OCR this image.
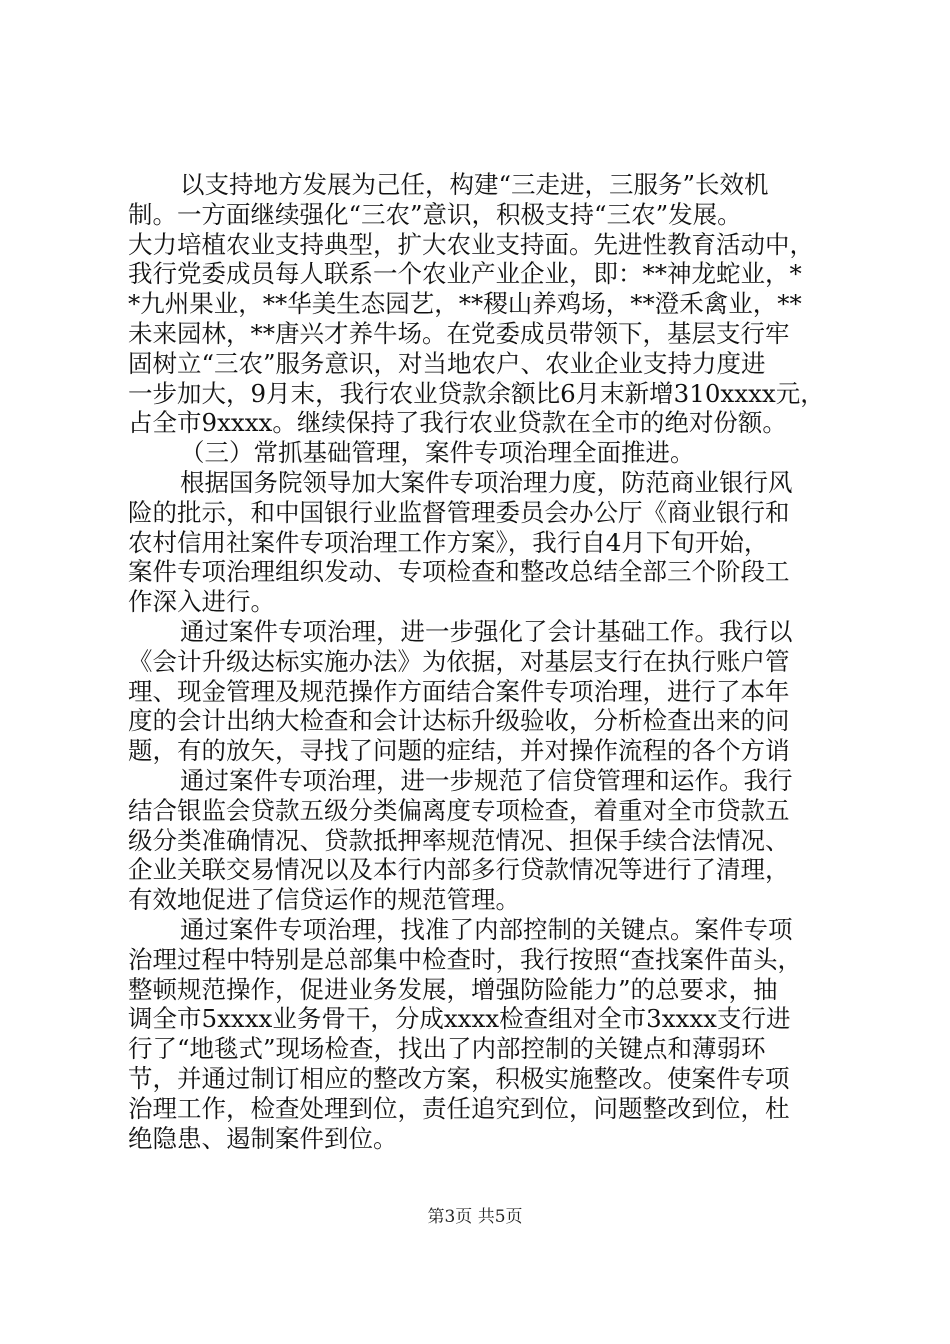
以支持地方发展为己任，构建“三走进，三服务”长效机
制。一方面继续强化“三农”意识，积极支持“三农”发展。
大力培植农业支持典型，扩大农业支持面。先进性教育活动中，
我行党委成员每人联系一个农业产业企业，即：**神龙蛇业，*
*九州果业，**华美生态园艺，**稷山养鸡场，**澄禾禽业，**
未来园林，**唐兴才养牛场。在党委成员带领下，基层支行牢
固树立“三农”服务意识，对当地农户、农业企业支持力度进
一步加大，9月末，我行农业贷款余额比6月末新增310xxxx元，
占全市9xxxx。继续保持了我行农业贷款在全市的绝对份额。
（三）常抓基础管理，案件专项治理全面推进。
根据国务院领导加大案件专项治理力度，防范商业银行风
险的批示，和中国银行业监督管理委员会办公厅《商业银行和
农村信用社案件专项治理工作方案》，我行自4月下旬开始，
案件专项治理组织发动、专项检查和整改总结全部三个阶段工
作深入进行。
通过案件专项治理，进一步强化了会计基础工作。我行以
《会计升级达标实施办法》为依据，对基层支行在执行账户管
理、现金管理及规范操作方面结合案件专项治理，进行了本年
度的会计出纳大检查和会计达标升级验收，分析检查出来的问
题，有的放矢，寻找了问题的症结，并对操作流程的各个方诮
通过案件专项治理，进一步规范了信贷管理和运作。我行
结合银监会贷款五级分类偏离度专项检查，着重对全市贷款五
级分类准确情况、贷款抵押率规范情况、担保手续合法情况、
企业关联交易情况以及本行内部多行贷款情况等进行了清理，
有效地促进了信贷运作的规范管理。
通过案件专项治理，找准了内部控制的关键点。案件专项
治理过程中特别是总部集中检查时，我行按照“查找案件苗头，
整顿规范操作，促进业务发展，增强防险能力”的总要求，抽
调全市5xxxx业务骨干，分成xxxx检查组对全市3xxxx支行进
行了“地毯式”现场检查，找出了内部控制的关键点和薄弱环
节，并通过制订相应的整改方案，积极实施整改。使案件专项
治理工作，检查处理到位，责任追究到位，问题整改到位，杜
绝隐患、遏制案件到位。
第3页 共5页
